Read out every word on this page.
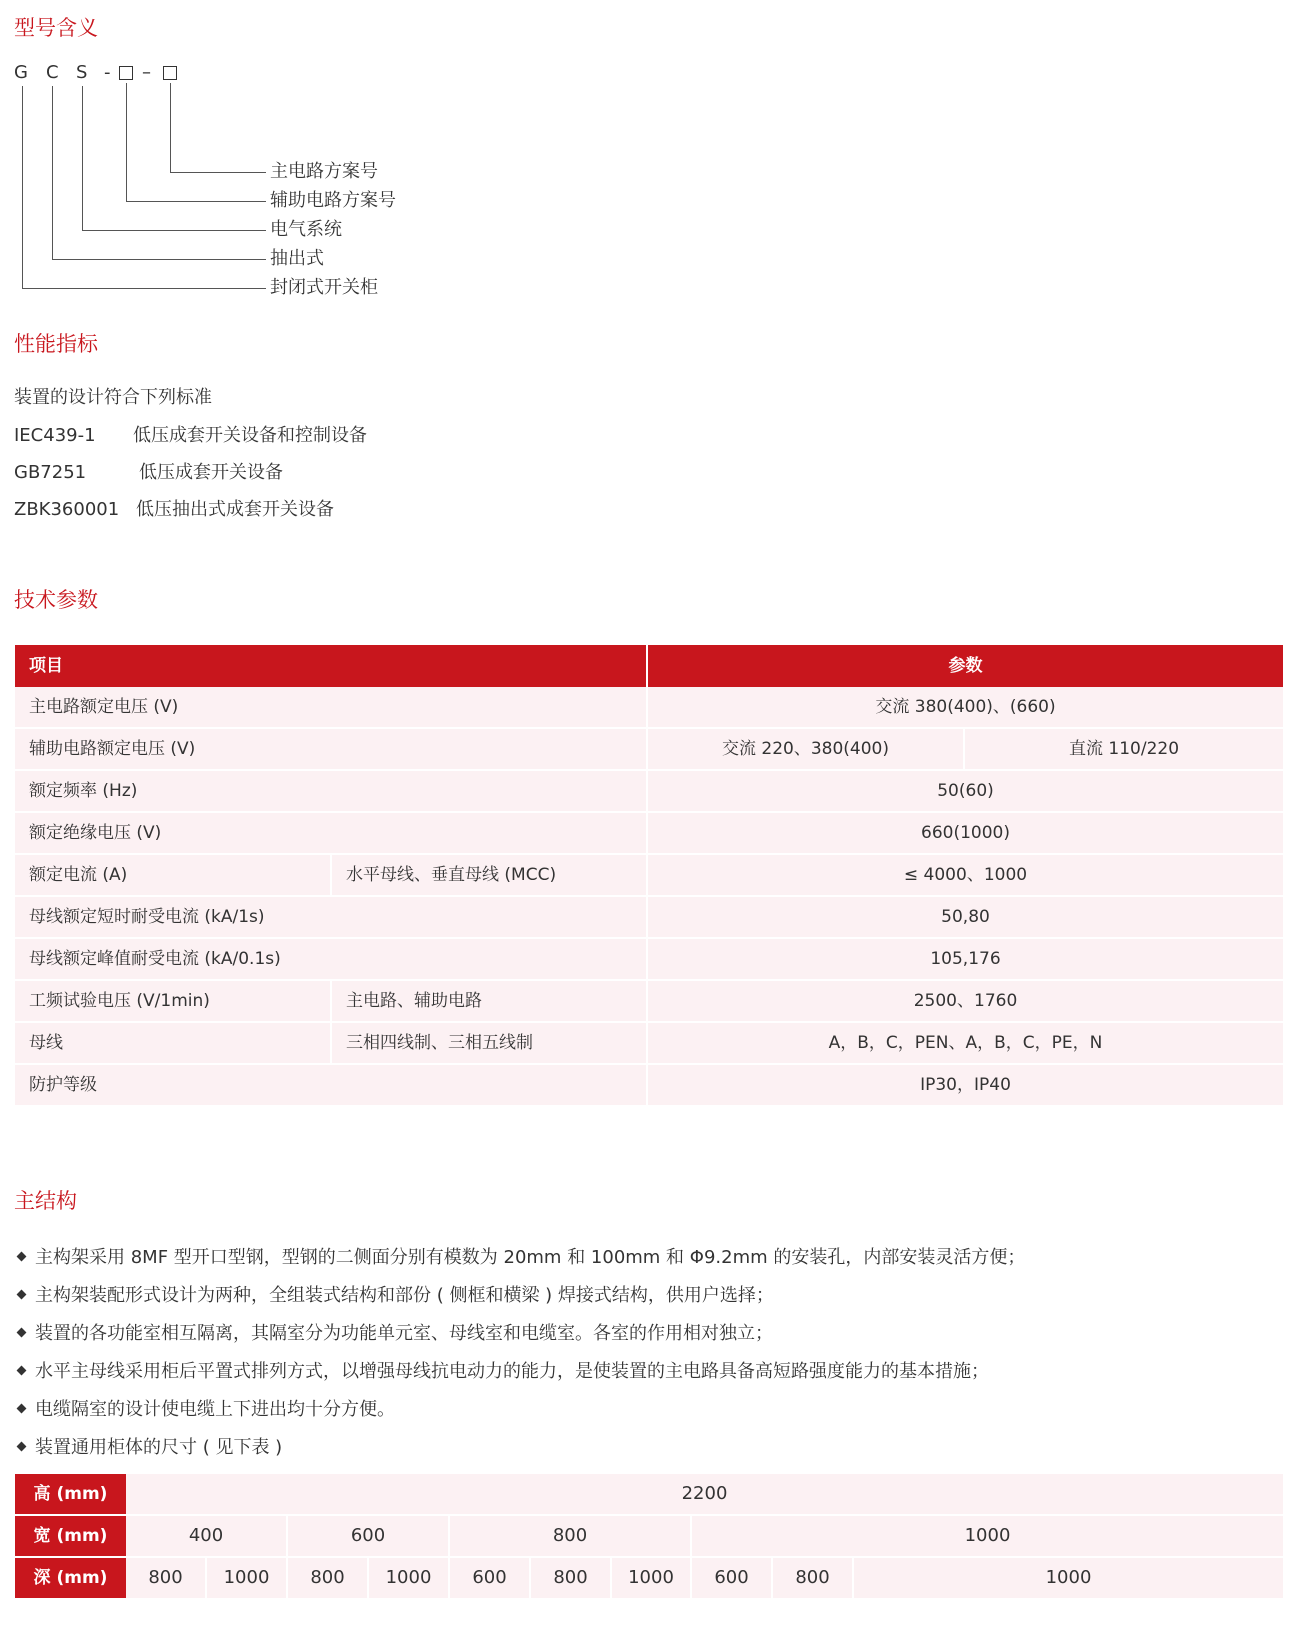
型号含义
G C S - –
主电路方案号
辅助电路方案号
电气系统
抽出式
封闭式开关柜
性能指标

装置的设计符合下列标准

IEC439-1 低压成套开关设备和控制设备
GB7251	低压成套开关设备
ZBK360001 低压抽出式成套开关设备
技术参数
项目	参数
主电路额定电压 (V)	交流 380(400)、(660)
辅助电路额定电压 (V)	交流 220、380(400)	直流 110/220
额定频率 (Hz)	50(60)
额定绝缘电压 (V)	660(1000)
额定电流 (A)	水平母线、垂直母线 (MCC)	≤ 4000、1000
母线额定短时耐受电流 (kA/1s)	50,80
母线额定峰值耐受电流 (kA/0.1s)	105,176
工频试验电压 (V/1min)	主电路、辅助电路	2500、1760
母线	三相四线制、三相五线制	A，B，C，PEN、A，B，C，PE，N
防护等级	IP30，IP40
主结构
主构架采用 8MF 型开口型钢，型钢的二侧面分别有模数为 20mm 和 100mm 和 Φ9.2mm 的安装孔，内部安装灵活方便；
主构架装配形式设计为两种，全组装式结构和部份 ( 侧框和横梁 ) 焊接式结构，供用户选择；
装置的各功能室相互隔离，其隔室分为功能单元室、母线室和电缆室。各室的作用相对独立；
水平主母线采用柜后平置式排列方式，以增强母线抗电动力的能力，是使装置的主电路具备高短路强度能力的基本措施；
电缆隔室的设计使电缆上下进出均十分方便。
装置通用柜体的尺寸 ( 见下表 )
高 (mm)	2200
宽 (mm)	400	600	800	1000
深 (mm)	800	1000	800	1000	600	800	1000	600	800	1000
